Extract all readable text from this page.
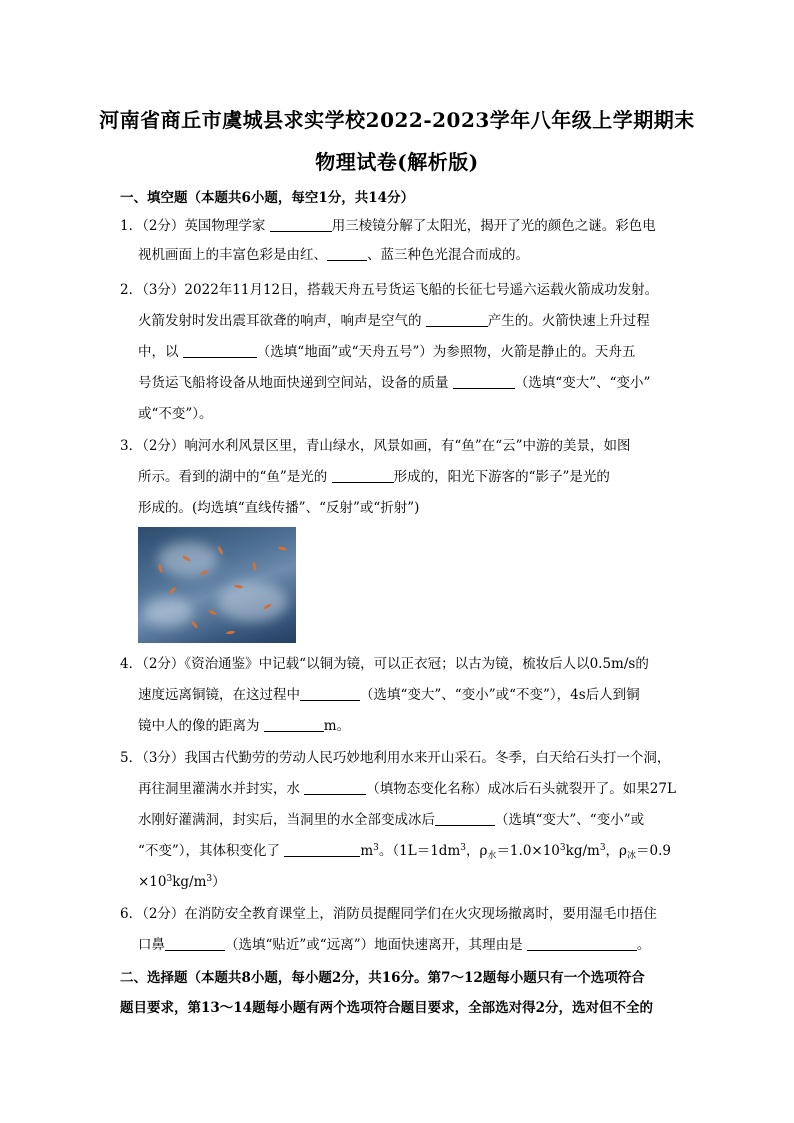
河南省商丘市虞城县求实学校2022-2023学年八年级上学期期末
物理试卷(解析版)
一、填空题（本题共6小题，每空1分，共14分）
1．（2分）英国物理学家	用三棱镜分解了太阳光，揭开了光的颜色之谜。彩色电
视机画面上的丰富色彩是由红、	、蓝三种色光混合而成的。
2．（3分）2022年11月12日，搭载天舟五号货运飞船的长征七号遥六运载火箭成功发射。
火箭发射时发出震耳欲聋的响声，响声是空气的	产生的。火箭快速上升过程
中，以	（选填“地面”或“天舟五号”）为参照物，火箭是静止的。天舟五
号货运飞船将设备从地面快递到空间站，设备的质量	（选填“变大”、“变小”
或“不变”）。
3．（2分）响河水利风景区里，青山绿水，风景如画，有“鱼”在“云”中游的美景，如图
所示。看到的湖中的“鱼”是光的	形成的，阳光下游客的“影子”是光的
形成的。(均选填“直线传播”、“反射”或“折射”)
4．（2分）《资治通鉴》中记载“以铜为镜，可以正衣冠；以古为镜，梳妆后人以0.5m/s的
速度远离铜镜，在这过程中	（选填“变大”、“变小”或“不变”），4s后人到铜
镜中人的像的距离为	m。
5．（3分）我国古代勤劳的劳动人民巧妙地利用水来开山采石。冬季，白天给石头打一个洞，
再往洞里灌满水并封实，水	（填物态变化名称）成冰后石头就裂开了。如果27L
水刚好灌满洞，封实后，当洞里的水全部变成冰后	（选填“变大”、“变小”或
“不变”），其体积变化了	$m^3$。（$1L=1dm^3$，$\rho_水=1.0\times 10^3kg/m^3$，$\rho_冰=0.9$
$\times 10^3kg/m^3$）
6．（2分）在消防安全教育课堂上，消防员提醒同学们在火灾现场撤离时，要用湿毛巾捂住
口鼻	（选填“贴近”或“远离”）地面快速离开，其理由是	。
二、选择题（本题共8小题，每小题2分，共16分。第7～12题每小题只有一个选项符合
题目要求，第13～14题每小题有两个选项符合题目要求，全部选对得2分，选对但不全的
